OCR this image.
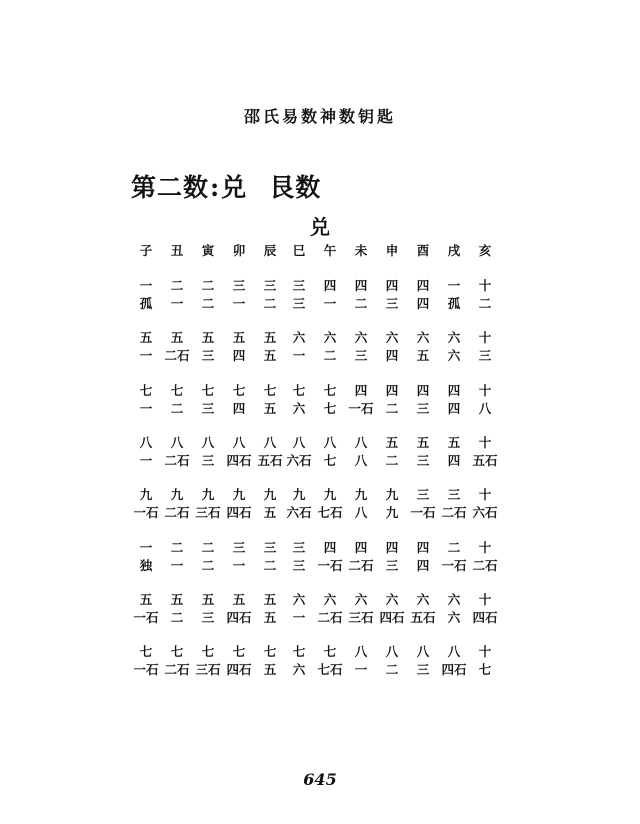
邵氏易数神数钥匙
第二数:兑 艮数
兑
子	丑	寅	卯	辰	巳	午	未	申	酉	戌	亥
一	二	二	三	三	三	四	四	四	四	一	十
孤	一	二	一	二	三	一	二	三	四	孤	二
五	五	五	五	五	六	六	六	六	六	六	十
一 二石 三	四	五	一	二	三	四	五	六	三
七	七	七	七	七	七	七	四	四	四	四	十
一	二	三	四	五	六	七 一石 二	三	四	八
八	八	八	八	八	八	八	八	五	五	五	十
一 二石 三 四石 五石 六石 七	八	二	三	四 五石
九	九	九	九	九	九	九	九	九	三	三	十
一石 二石 三石 四石 五 六石 七石 八	九 一石 二石 六石
一	二	二	三	三	三	四	四	四	四	二	十
独	一	二	一	二	三 一石 二石 三	四 一石 二石
五	五	五	五	五	六	六	六	六	六	六	十
一石 二	三 四石 五	一 二石 三石 四石 五石 六 四石
七	七	七	七	七	七	七	八	八	八	八	十
一石 二石 三石 四石 五	六 七石 一	二	三 四石 七
645
